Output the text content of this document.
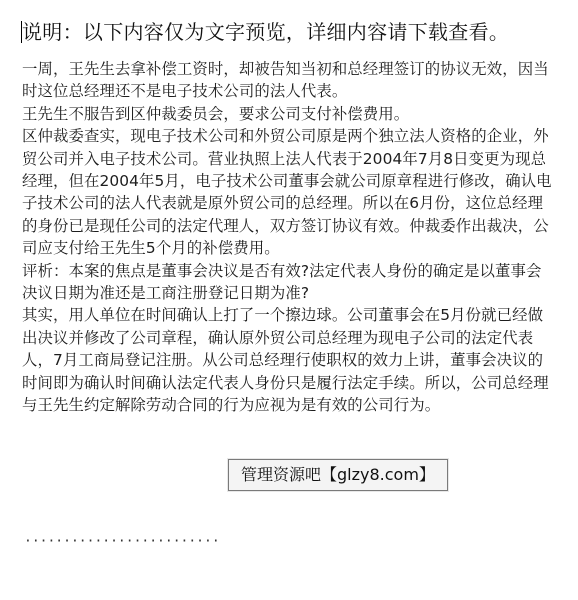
说明：以下内容仅为文字预览，详细内容请下载查看。

一周，王先生去拿补偿工资时，却被告知当初和总经理签订的协议无效，因当时这位总经理还不是电子技术公司的法人代表。

王先生不服告到区仲裁委员会，要求公司支付补偿费用。

区仲裁委查实，现电子技术公司和外贸公司原是两个独立法人资格的企业，外贸公司并入电子技术公司。营业执照上法人代表于2004年7月8日变更为现总经理，但在2004年5月，电子技术公司董事会就公司原章程进行修改，确认电子技术公司的法人代表就是原外贸公司的总经理。所以在6月份，这位总经理的身份已是现任公司的法定代理人，双方签订协议有效。仲裁委作出裁决，公司应支付给王先生5个月的补偿费用。

评析：本案的焦点是董事会决议是否有效?法定代表人身份的确定是以董事会决议日期为准还是工商注册登记日期为准?

其实，用人单位在时间确认上打了一个擦边球。公司董事会在5月份就已经做出决议并修改了公司章程，确认原外贸公司总经理为现电子公司的法定代表人，7月工商局登记注册。从公司总经理行使职权的效力上讲，董事会决议的时间即为确认时间确认法定代表人身份只是履行法定手续。所以，公司总经理与王先生约定解除劳动合同的行为应视为是有效的公司行为。

·························
管理资源吧【glzy8.com】
